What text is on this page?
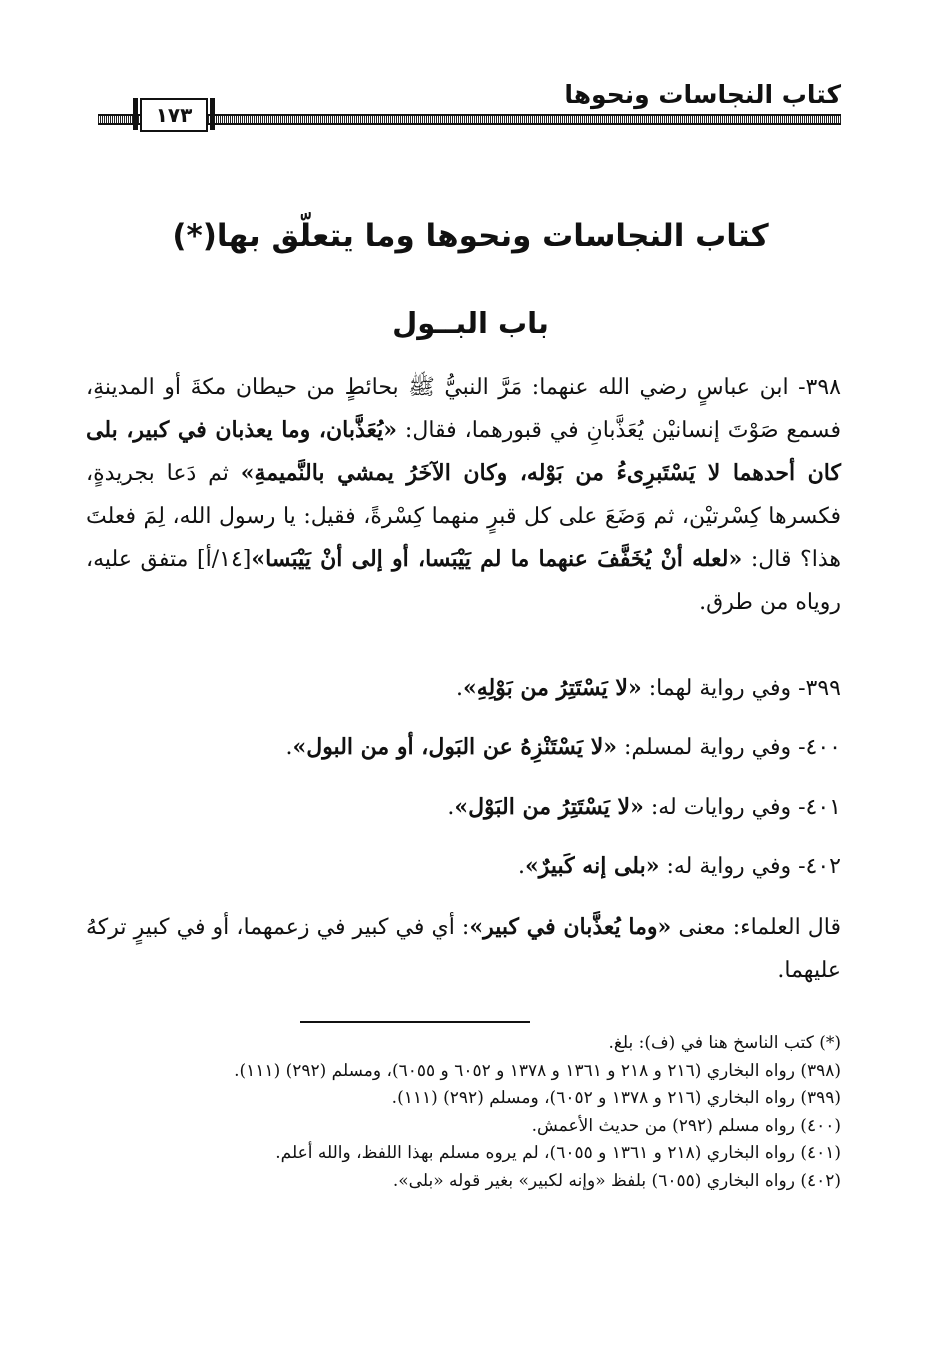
كتاب النجاسات ونحوها
١٧٣
كتاب النجاسات ونحوها وما يتعلّق بها(*)
باب البــول

٣٩٨- ابن عباسٍ رضي الله عنهما: مَرَّ النبيُّ ﷺ بحائطٍ من حيطان مكةَ أو المدينةِ، فسمع صَوْتَ إنسانيْن يُعَذَّبانِ في قبورهما، فقال: «يُعَذَّبان، وما يعذبان في كبير، بلى كان أحدهما لا يَسْتَبرِىءُ من بَوْله، وكان الآخَرُ يمشي بالنَّميمةِ» ثم دَعا بجريدةٍ، فكسرها كِسْرتيْن، ثم وَضَعَ على كل قبرٍ منهما كِسْرةً، فقيل: يا رسول الله، لِمَ فعلتَ هذا؟ قال: «لعله أنْ يُخَفَّفَ عنهما ما لم يَيْبَسا، أو إلى أنْ يَيْبَسا»[١٤/أ] متفق عليه، روياه من طرق.

٣٩٩- وفي رواية لهما: «لا يَسْتَتِرُ من بَوْلِهِ».
٤٠٠- وفي رواية لمسلم: «لا يَسْتَنْزِهُ عن البَول، أو من البول».
٤٠١- وفي روايات له: «لا يَسْتَتِرُ من البَوْل».
٤٠٢- وفي رواية له: «بلى إنه كَبيرٌ».
قال العلماء: معنى «وما يُعذَّبان في كبير»: أي في كبير في زعمهما، أو في كبيرٍ تركهُ عليهما.

(*) كتب الناسخ هنا في (ف): بلغ.

(٣٩٨) رواه البخاري (٢١٦ و ٢١٨ و ١٣٦١ و ١٣٧٨ و ٦٠٥٢ و ٦٠٥٥)، ومسلم (٢٩٢) (١١١).

(٣٩٩) رواه البخاري (٢١٦ و ١٣٧٨ و ٦٠٥٢)، ومسلم (٢٩٢) (١١١).

(٤٠٠) رواه مسلم (٢٩٢) من حديث الأعمش.

(٤٠١) رواه البخاري (٢١٨ و ١٣٦١ و ٦٠٥٥)، لم يروه مسلم بهذا اللفظ، والله أعلم.

(٤٠٢) رواه البخاري (٦٠٥٥) بلفظ «وإنه لكبير» بغير قوله «بلى».
